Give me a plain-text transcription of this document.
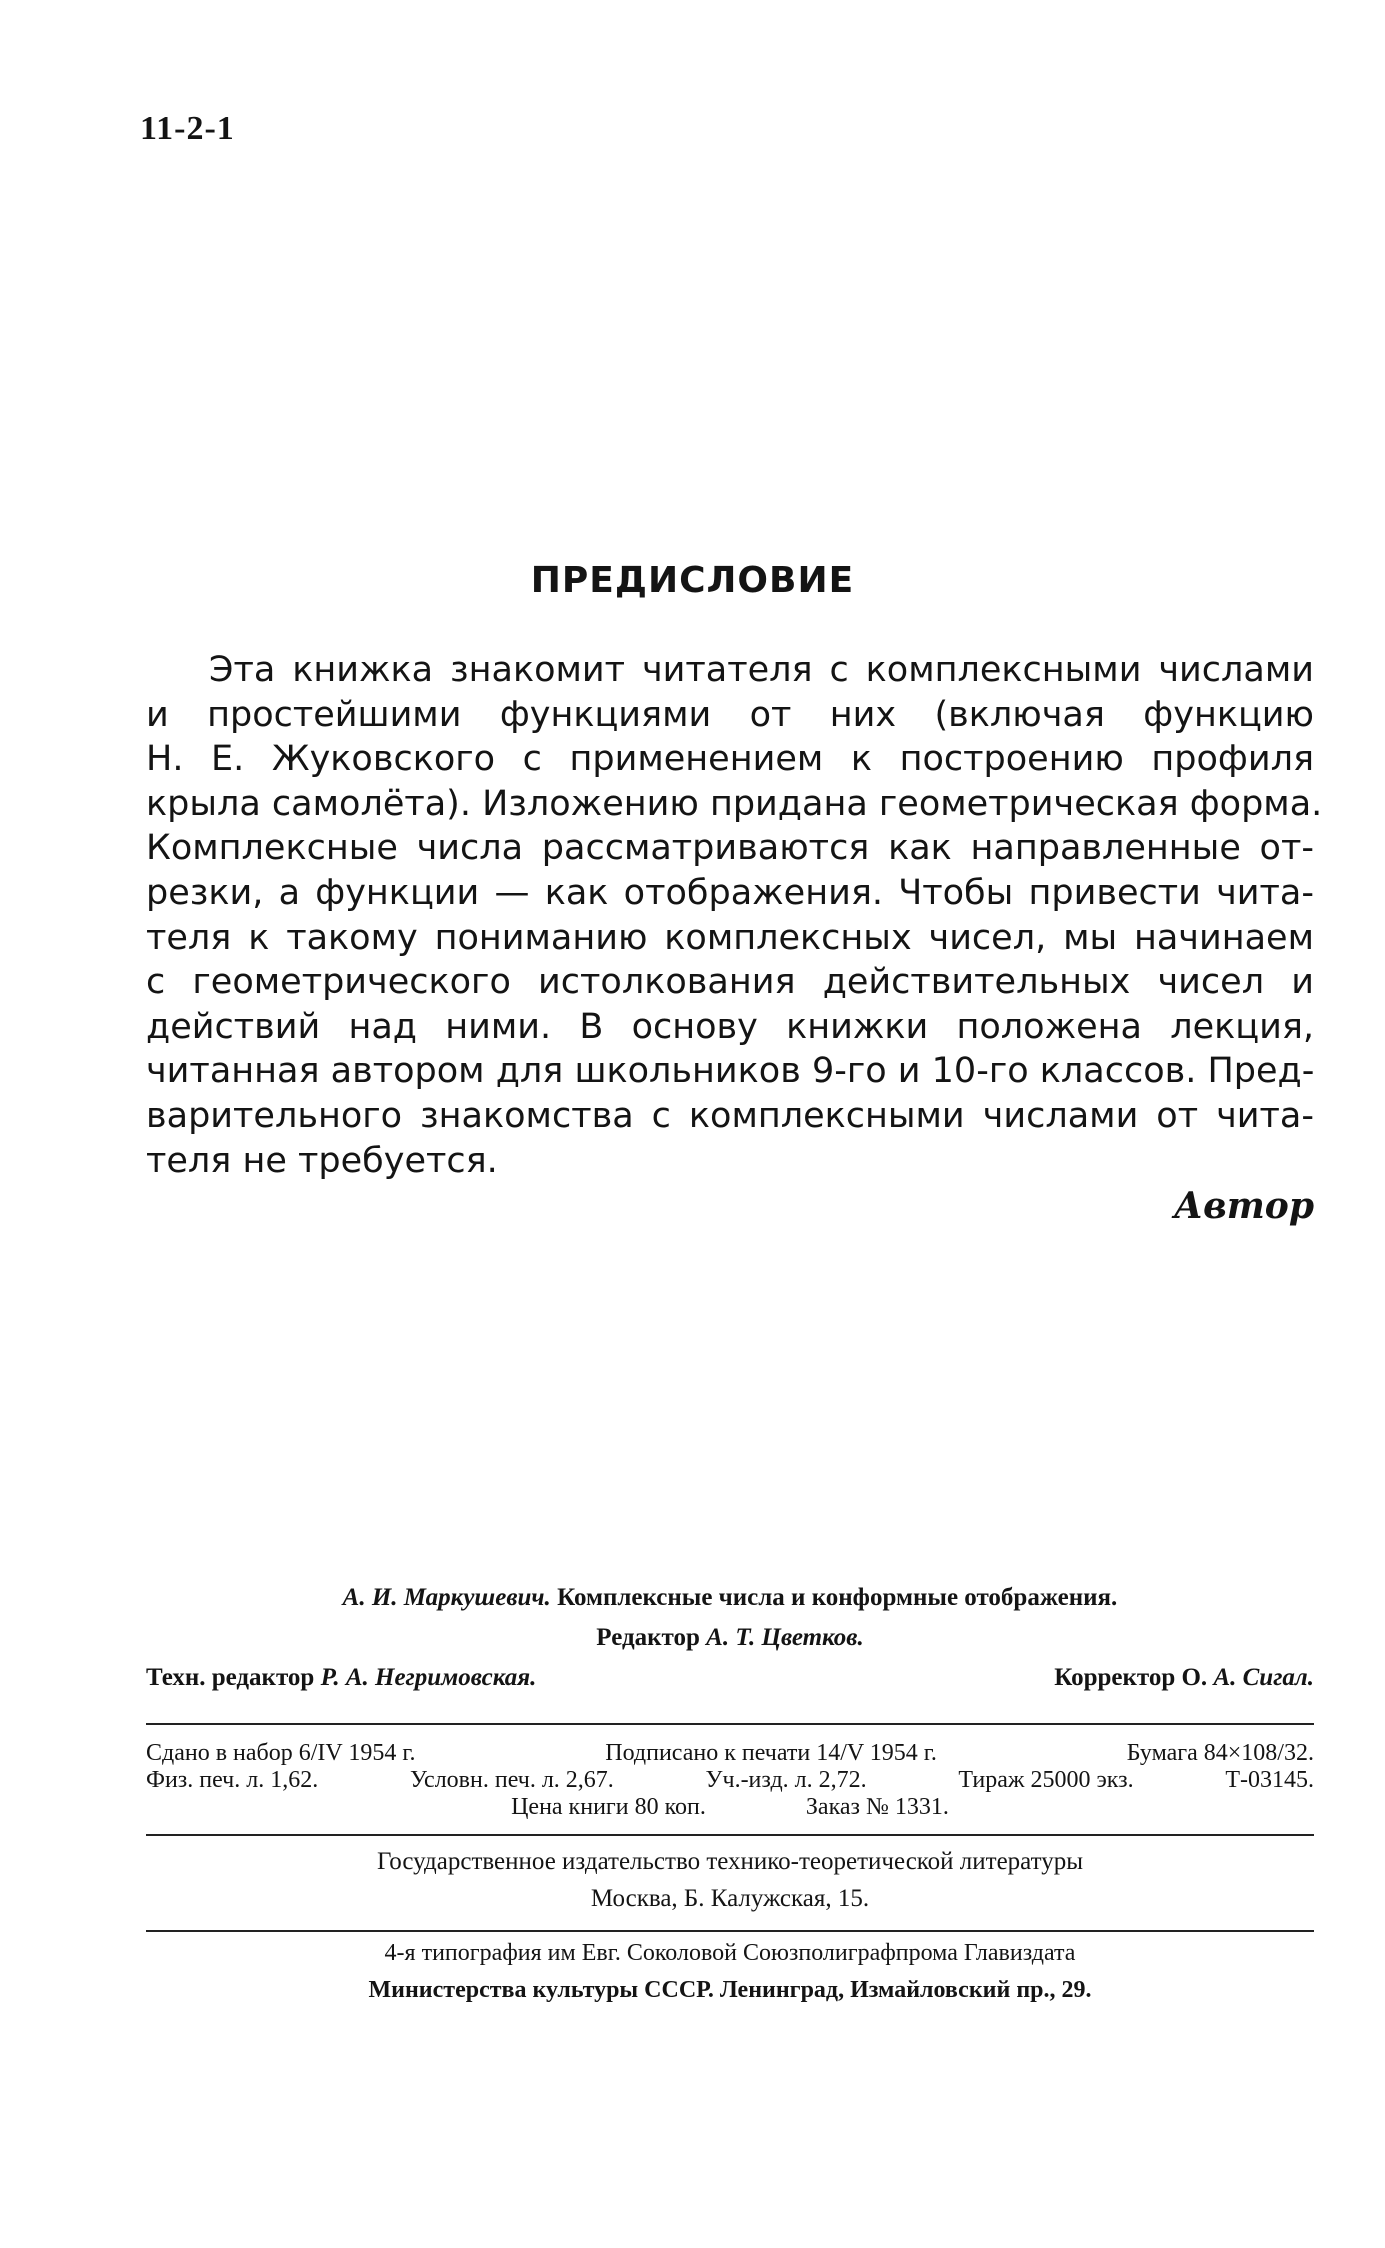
11-2-1
ПРЕДИСЛОВИЕ
Эта книжка знакомит читателя с комплексными числами
и простейшими функциями от них (включая функцию
Н. Е. Жуковского с применением к построению профиля
крыла самолёта). Изложению придана геометрическая форма.
Комплексные числа рассматриваются как направленные от-
резки, а функции — как отображения. Чтобы привести чита-
теля к такому пониманию комплексных чисел, мы начинаем
с геометрического истолкования действительных чисел и
действий над ними. В основу книжки положена лекция,
читанная автором для школьников 9-го и 10-го классов. Пред-
варительного знакомства с комплексными числами от чита-
теля не требуется.
Автор
А. И. Маркушевич. Комплексные числа и конформные отображения.
Редактор А. Т. Цветков.
Техн. редактор Р. А. Негримовская.	Корректор О. А. Сигал.
Сдано в набор 6/IV 1954 г.	Подписано к печати 14/V 1954 г.	Бумага 84×108/32.
Физ. печ. л. 1,62.	Условн. печ. л. 2,67.	Уч.-изд. л. 2,72.	Тираж 25000 экз.	Т-03145.
Цена книги 80 коп.	Заказ № 1331.
Государственное издательство технико-теоретической литературы
Москва, Б. Калужская, 15.
4-я типография им Евг. Соколовой Союзполиграфпрома Главиздата
Министерства культуры СССР. Ленинград, Измайловский пр., 29.
